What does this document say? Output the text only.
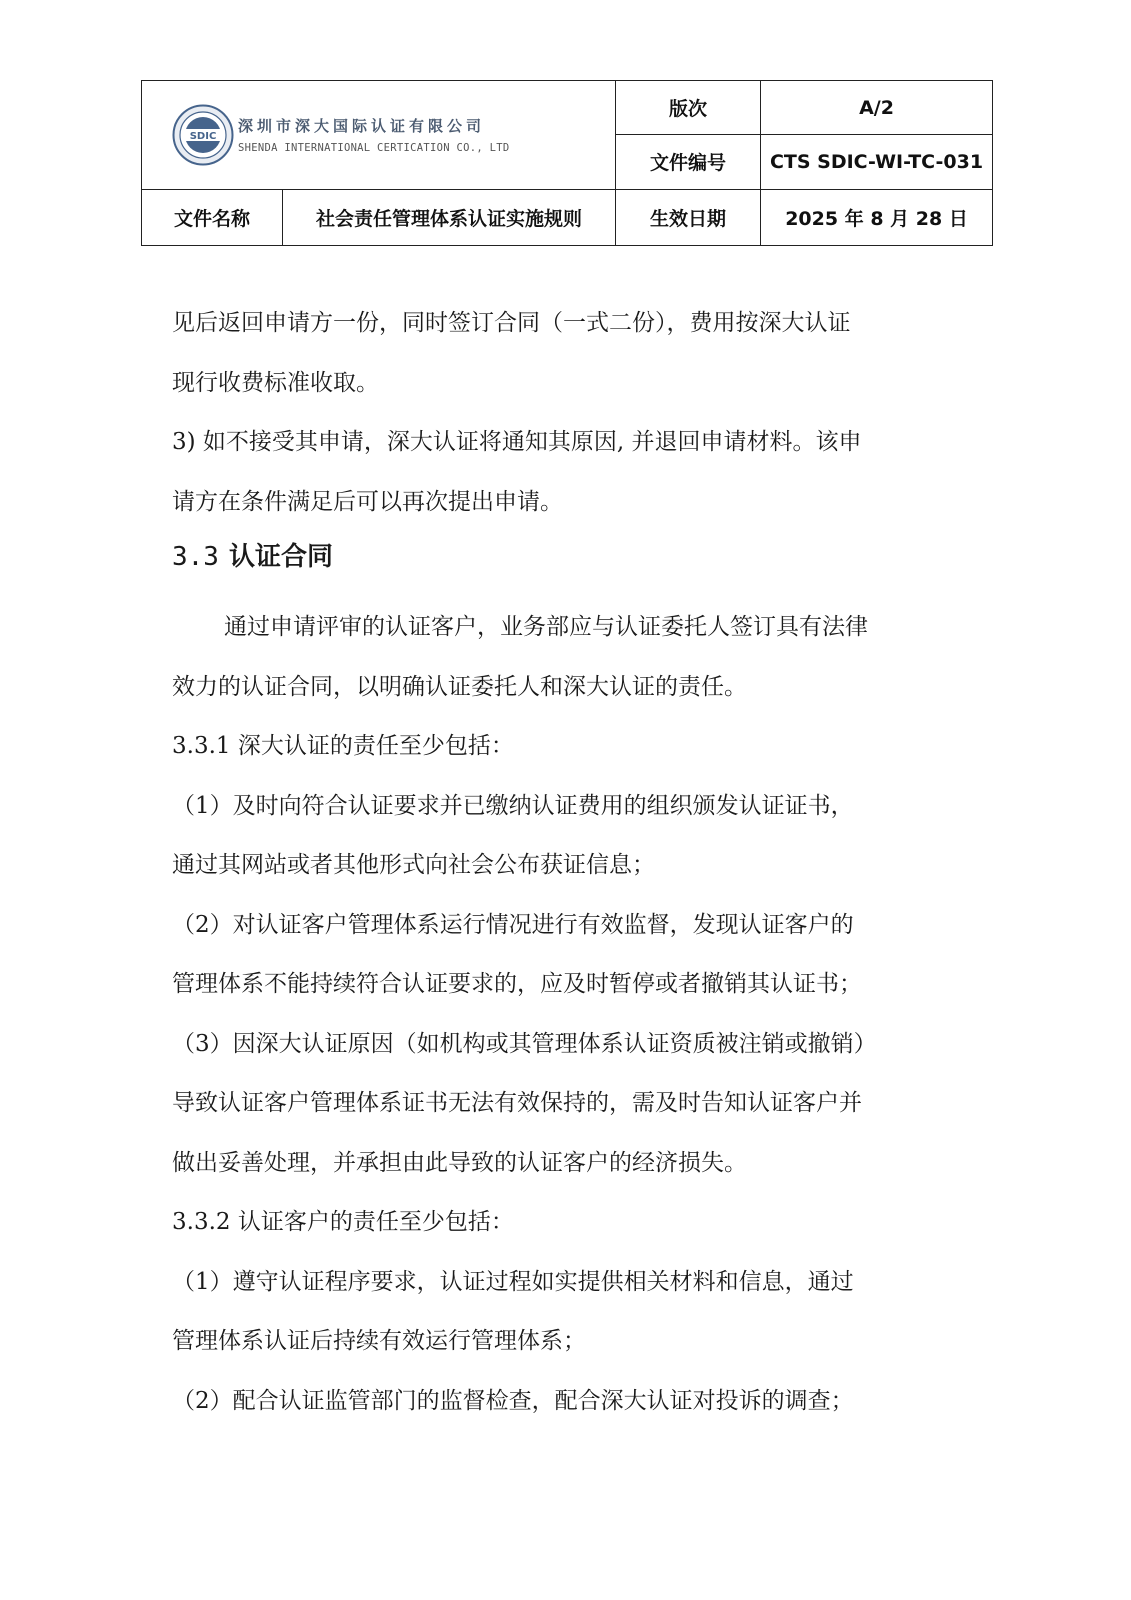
SDIC
深圳市深大国际认证有限公司
SHENDA INTERNATIONAL CERTICATION CO., LTD		版次	A/2
		文件编号	CTS SDIC-WI-TC-031
文件名称	社会责任管理体系认证实施规则	生效日期	2025 年 8 月 28 日

见后返回申请方一份，同时签订合同（一式二份），费用按深大认证

现行收费标准收取。

3) 如不接受其申请，深大认证将通知其原因, 并退回申请材料。该申

请方在条件满足后可以再次提出申请。

3.3 认证合同

通过申请评审的认证客户，业务部应与认证委托人签订具有法律

效力的认证合同，以明确认证委托人和深大认证的责任。

3.3.1 深大认证的责任至少包括：

（1）及时向符合认证要求并已缴纳认证费用的组织颁发认证证书，

通过其网站或者其他形式向社会公布获证信息；

（2）对认证客户管理体系运行情况进行有效监督，发现认证客户的

管理体系不能持续符合认证要求的，应及时暂停或者撤销其认证书；

（3）因深大认证原因（如机构或其管理体系认证资质被注销或撤销）

导致认证客户管理体系证书无法有效保持的，需及时告知认证客户并

做出妥善处理，并承担由此导致的认证客户的经济损失。

3.3.2 认证客户的责任至少包括：

（1）遵守认证程序要求，认证过程如实提供相关材料和信息，通过

管理体系认证后持续有效运行管理体系；

（2）配合认证监管部门的监督检查，配合深大认证对投诉的调查；
